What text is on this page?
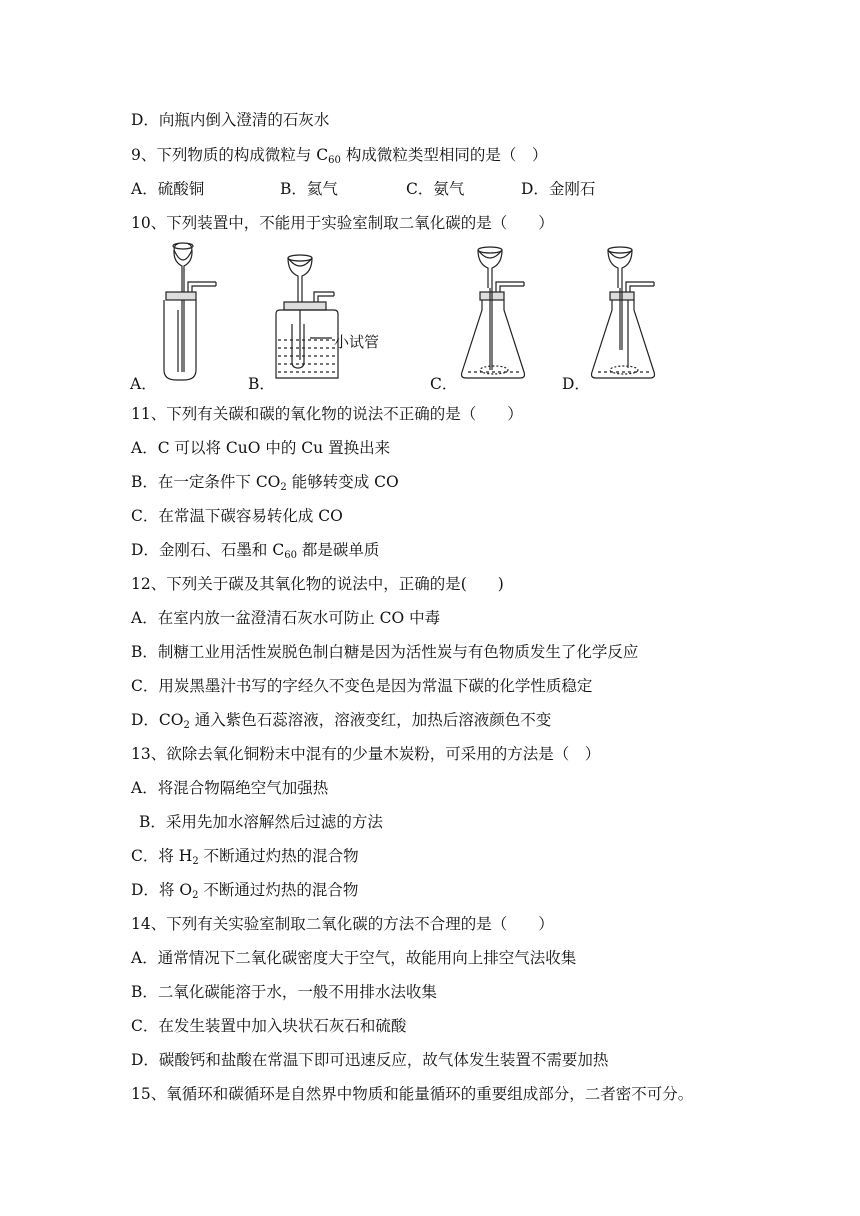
D．向瓶内倒入澄清的石灰水
9、下列物质的构成微粒与 $C_{60}$ 构成微粒类型相同的是（　）
A．硫酸铜	B．氦气	C．氨气	D．金刚石
10、下列装置中，不能用于实验室制取二氧化碳的是（　　）
A．	B．
小试管
C．	D．
11、下列有关碳和碳的氧化物的说法不正确的是（　　）
A．C 可以将 CuO 中的 Cu 置换出来
B．在一定条件下 $CO_2$ 能够转变成 CO
C．在常温下碳容易转化成 CO
D．金刚石、石墨和 $C_{60}$ 都是碳单质
12、下列关于碳及其氧化物的说法中，正确的是(　　)
A．在室内放一盆澄清石灰水可防止 CO 中毒
B．制糖工业用活性炭脱色制白糖是因为活性炭与有色物质发生了化学反应
C．用炭黑墨汁书写的字经久不变色是因为常温下碳的化学性质稳定
D．$CO_2$ 通入紫色石蕊溶液，溶液变红，加热后溶液颜色不变
13、欲除去氧化铜粉末中混有的少量木炭粉，可采用的方法是（　）
A．将混合物隔绝空气加强热
B．采用先加水溶解然后过滤的方法
C．将 $H_2$ 不断通过灼热的混合物
D．将 $O_2$ 不断通过灼热的混合物
14、下列有关实验室制取二氧化碳的方法不合理的是（　　）
A．通常情况下二氧化碳密度大于空气，故能用向上排空气法收集
B．二氧化碳能溶于水，一般不用排水法收集
C．在发生装置中加入块状石灰石和硫酸
D．碳酸钙和盐酸在常温下即可迅速反应，故气体发生装置不需要加热
15、氧循环和碳循环是自然界中物质和能量循环的重要组成部分，二者密不可分。
